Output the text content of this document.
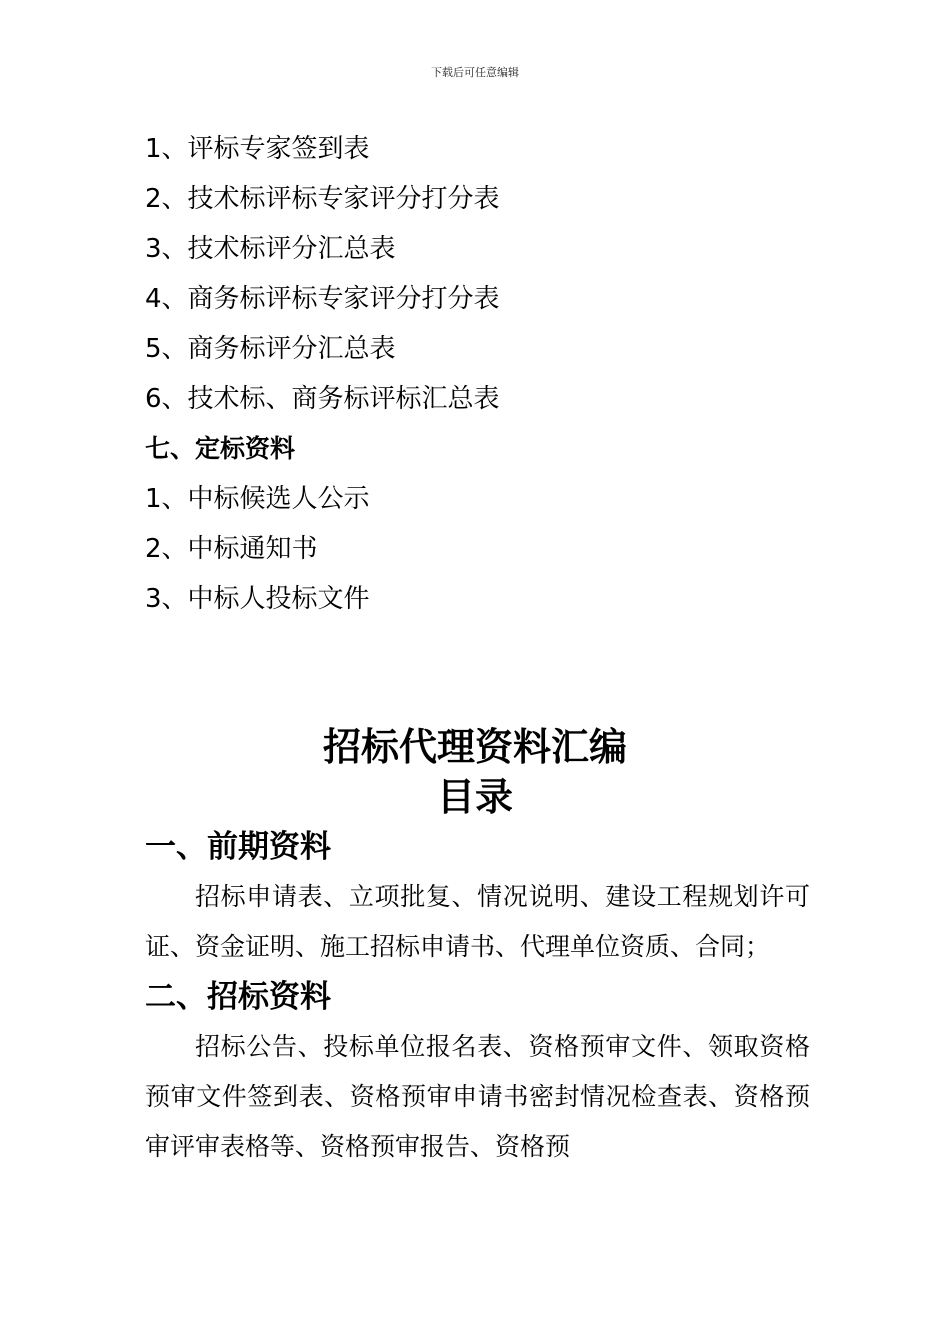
下载后可任意编辑
1、评标专家签到表
2、技术标评标专家评分打分表
3、技术标评分汇总表
4、商务标评标专家评分打分表
5、商务标评分汇总表
6、技术标、商务标评标汇总表
七、定标资料
1、中标候选人公示
2、中标通知书
3、中标人投标文件
招标代理资料汇编
目录
一、前期资料

招标申请表、立项批复、情况说明、建设工程规划许可证、资金证明、施工招标申请书、代理单位资质、合同；

二、招标资料

招标公告、投标单位报名表、资格预审文件、领取资格预审文件签到表、资格预审申请书密封情况检查表、资格预审评审表格等、资格预审报告、资格预
